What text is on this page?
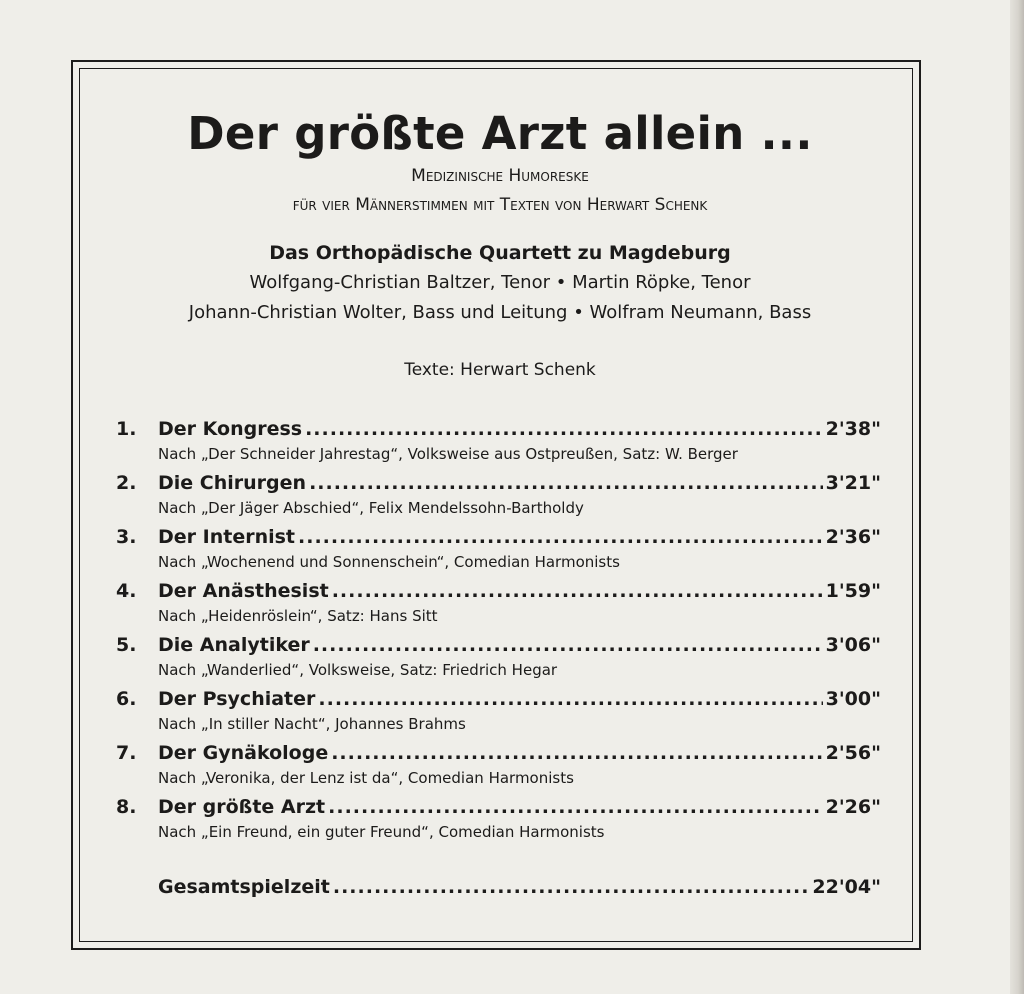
Der größte Arzt allein ...
Medizinische Humoreske
für vier Männerstimmen mit Texten von Herwart Schenk
Das Orthopädische Quartett zu Magdeburg
Wolfgang-Christian Baltzer, Tenor • Martin Röpke, Tenor
Johann-Christian Wolter, Bass und Leitung • Wolfram Neumann, Bass
Texte: Herwart Schenk
1. Der Kongress .....	2'38"
Nach „Der Schneider Jahrestag“, Volksweise aus Ostpreußen, Satz: W. Berger
2. Die Chirurgen .....	3'21"
Nach „Der Jäger Abschied“, Felix Mendelssohn-Bartholdy
3. Der Internist .....	2'36"
Nach „Wochenend und Sonnenschein“, Comedian Harmonists
4. Der Anästhesist .....	1'59"
Nach „Heidenröslein“, Satz: Hans Sitt
5. Die Analytiker .....	3'06"
Nach „Wanderlied“, Volksweise, Satz: Friedrich Hegar
6. Der Psychiater .....	3'00"
Nach „In stiller Nacht“, Johannes Brahms
7. Der Gynäkologe .....	2'56"
Nach „Veronika, der Lenz ist da“, Comedian Harmonists
8. Der größte Arzt .....	2'26"
Nach „Ein Freund, ein guter Freund“, Comedian Harmonists
Gesamtspielzeit .....	22'04"
